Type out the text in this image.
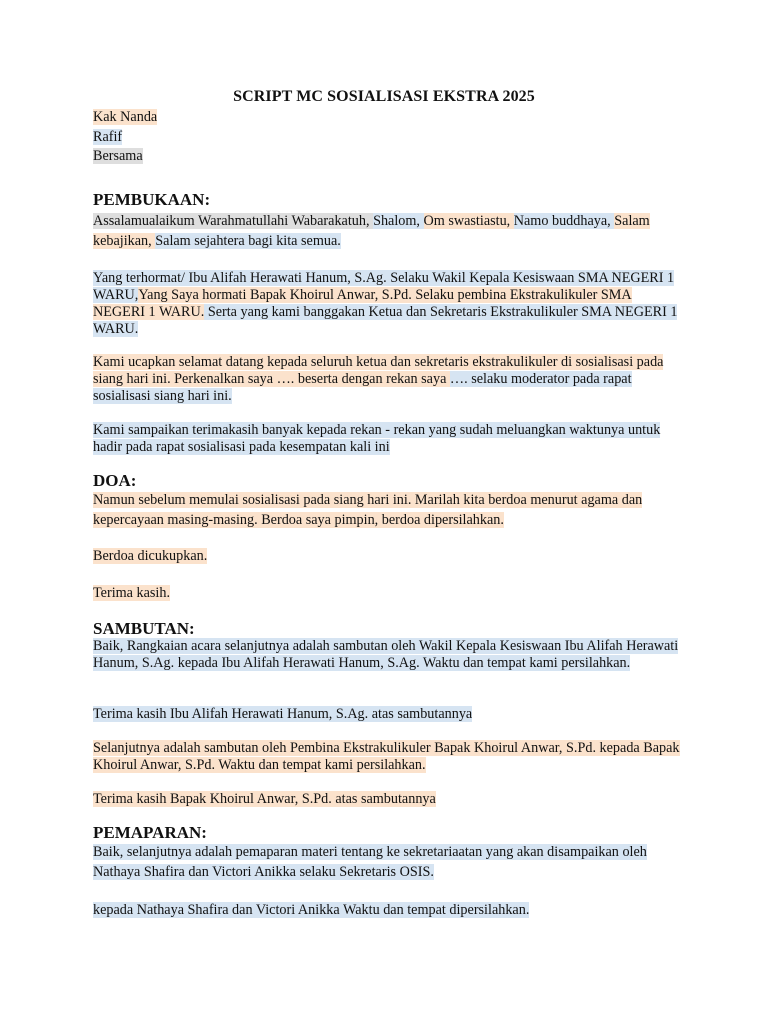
SCRIPT MC SOSIALISASI EKSTRA 2025
Kak Nanda
Rafif
Bersama
PEMBUKAAN:

Assalamualaikum Warahmatullahi Wabarakatuh, Shalom, Om swastiastu, Namo buddhaya, Salam kebajikan, Salam sejahtera bagi kita semua.

Yang terhormat/ Ibu Alifah Herawati Hanum, S.Ag. Selaku Wakil Kepala Kesiswaan SMA NEGERI 1 WARU,Yang Saya hormati Bapak Khoirul Anwar, S.Pd. Selaku pembina Ekstrakulikuler SMA NEGERI 1 WARU. Serta yang kami banggakan Ketua dan Sekretaris Ekstrakulikuler SMA NEGERI 1 WARU.

Kami ucapkan selamat datang kepada seluruh ketua dan sekretaris ekstrakulikuler di sosialisasi pada siang hari ini. Perkenalkan saya …. beserta dengan rekan saya …. selaku moderator pada rapat sosialisasi siang hari ini.

Kami sampaikan terimakasih banyak kepada rekan - rekan yang sudah meluangkan waktunya untuk hadir pada rapat sosialisasi pada kesempatan kali ini

DOA:

Namun sebelum memulai sosialisasi pada siang hari ini. Marilah kita berdoa menurut agama dan kepercayaan masing-masing. Berdoa saya pimpin, berdoa dipersilahkan.

Berdoa dicukupkan.

Terima kasih.

SAMBUTAN:

Baik, Rangkaian acara selanjutnya adalah sambutan oleh Wakil Kepala Kesiswaan Ibu Alifah Herawati Hanum, S.Ag. kepada Ibu Alifah Herawati Hanum, S.Ag. Waktu dan tempat kami persilahkan.

Terima kasih Ibu Alifah Herawati Hanum, S.Ag. atas sambutannya

Selanjutnya adalah sambutan oleh Pembina Ekstrakulikuler Bapak Khoirul Anwar, S.Pd. kepada Bapak Khoirul Anwar, S.Pd. Waktu dan tempat kami persilahkan.

Terima kasih Bapak Khoirul Anwar, S.Pd. atas sambutannya

PEMAPARAN:

Baik, selanjutnya adalah pemaparan materi tentang ke sekretariaatan yang akan disampaikan oleh Nathaya Shafira dan Victori Anikka selaku Sekretaris OSIS.

kepada Nathaya Shafira dan Victori Anikka Waktu dan tempat dipersilahkan.
